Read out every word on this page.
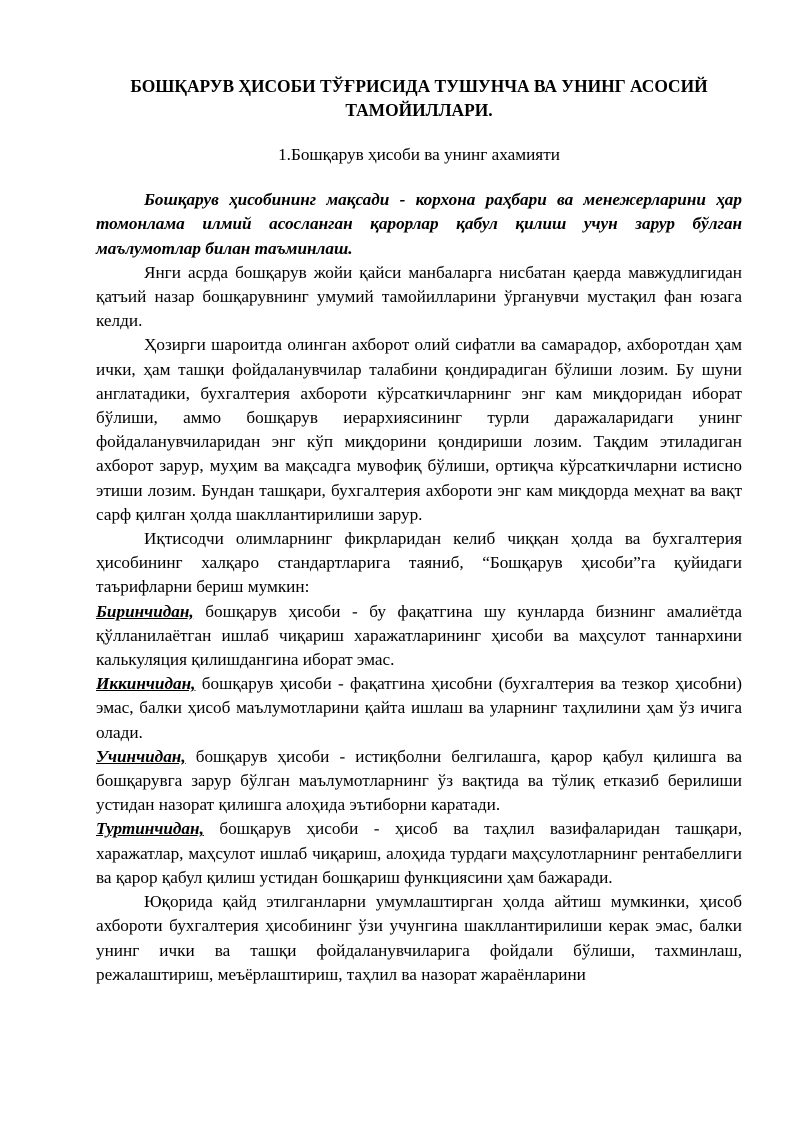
БОШҚАРУВ ҲИСОБИ ТЎҒРИСИДА ТУШУНЧА ВА УНИНГ АСОСИЙ ТАМОЙИЛЛАРИ.
1.Бошқарув ҳисоби ва унинг ахамияти

Бошқарув ҳисобининг мақсади - корхона раҳбари ва менежерларини ҳар томонлама илмий асосланган қарорлар қабул қилиш учун зарур бўлган маълумотлар билан таъминлаш.

Янги асрда бошқарув жойи қайси манбаларга нисбатан қаерда мавжудлигидан қатъий назар бошқарувнинг умумий тамойилларини ўрганувчи мустақил фан юзага келди.

Ҳозирги шароитда олинган ахборот олий сифатли ва самарадор, ахборотдан ҳам ички, ҳам ташқи фойдаланувчилар талабини қондирадиган бўлиши лозим. Бу шуни англатадики, бухгалтерия ахбороти кўрсаткичларнинг энг кам миқдоридан иборат бўлиши, аммо бошқарув иерархиясининг турли даражаларидаги унинг фойдаланувчиларидан энг кўп миқдорини қондириши лозим. Тақдим этиладиган ахборот зарур, муҳим ва мақсадга мувофиқ бўлиши, ортиқча кўрсаткичларни истисно этиши лозим. Бундан ташқари, бухгалтерия ахбороти энг кам миқдорда меҳнат ва вақт сарф қилган ҳолда шакллантирилиши зарур.

Иқтисодчи олимларнинг фикрларидан келиб чиққан ҳолда ва бухгалтерия ҳисобининг халқаро стандартларига таяниб, “Бошқарув ҳисоби”га қуйидаги таърифларни бериш мумкин:

Биринчидан, бошқарув ҳисоби - бу фақатгина шу кунларда бизнинг амалиётда қўлланилаётган ишлаб чиқариш харажатларининг ҳисоби ва маҳсулот таннархини калькуляция қилишдангина иборат эмас.

Иккинчидан, бошқарув ҳисоби - фақатгина ҳисобни (бухгалтерия ва тезкор ҳисобни) эмас, балки ҳисоб маълумотларини қайта ишлаш ва уларнинг таҳлилини ҳам ўз ичига олади.

Учинчидан, бошқарув ҳисоби - истиқболни белгилашга, қарор қабул қилишга ва бошқарувга зарур бўлган маълумотларнинг ўз вақтида ва тўлиқ етказиб берилиши устидан назорат қилишга алоҳида эътиборни каратади.

Туртинчидан, бошқарув ҳисоби - ҳисоб ва таҳлил вазифаларидан ташқари, харажатлар, маҳсулот ишлаб чиқариш, алоҳида турдаги маҳсулотларнинг рентабеллиги ва қарор қабул қилиш устидан бошқариш функциясини ҳам бажаради.

Юқорида қайд этилганларни умумлаштирган ҳолда айтиш мумкинки, ҳисоб ахбороти бухгалтерия ҳисобининг ўзи учунгина шакллантирилиши керак эмас, балки унинг ички ва ташқи фойдаланувчиларига фойдали бўлиши, тахминлаш, режалаштириш, меъёрлаштириш, таҳлил ва назорат жараёнларини
